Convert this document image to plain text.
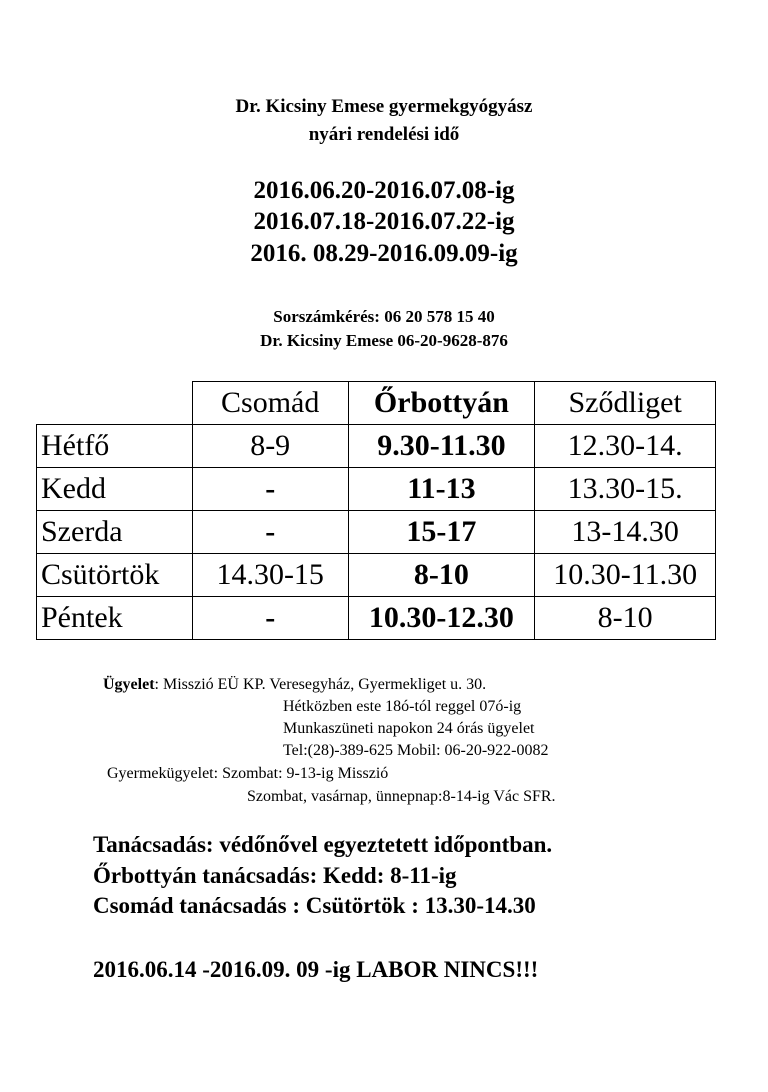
Dr. Kicsiny Emese gyermekgyógyász
nyári rendelési idő
2016.06.20-2016.07.08-ig
2016.07.18-2016.07.22-ig
2016. 08.29-2016.09.09-ig
Sorszámkérés: 06 20 578 15 40
Dr. Kicsiny Emese 06-20-9628-876
	Csomád	Őrbottyán	Sződliget
Hétfő	8-9	9.30-11.30	12.30-14.
Kedd	-	11-13	13.30-15.
Szerda	-	15-17	13-14.30
Csütörtök	14.30-15	8-10	10.30-11.30
Péntek	-	10.30-12.30	8-10
Ügyelet: Misszió EÜ KP. Veresegyház, Gyermekliget u. 30.
Hétközben este 18ó-tól reggel 07ó-ig
Munkaszüneti napokon 24 órás ügyelet
Tel:(28)-389-625 Mobil: 06-20-922-0082
Gyermekügyelet: Szombat: 9-13-ig Misszió
Szombat, vasárnap, ünnepnap:8-14-ig Vác SFR.
Tanácsadás: védőnővel egyeztetett időpontban.
Őrbottyán tanácsadás: Kedd: 8-11-ig
Csomád tanácsadás : Csütörtök : 13.30-14.30
2016.06.14 -2016.09. 09 -ig LABOR NINCS!!!
